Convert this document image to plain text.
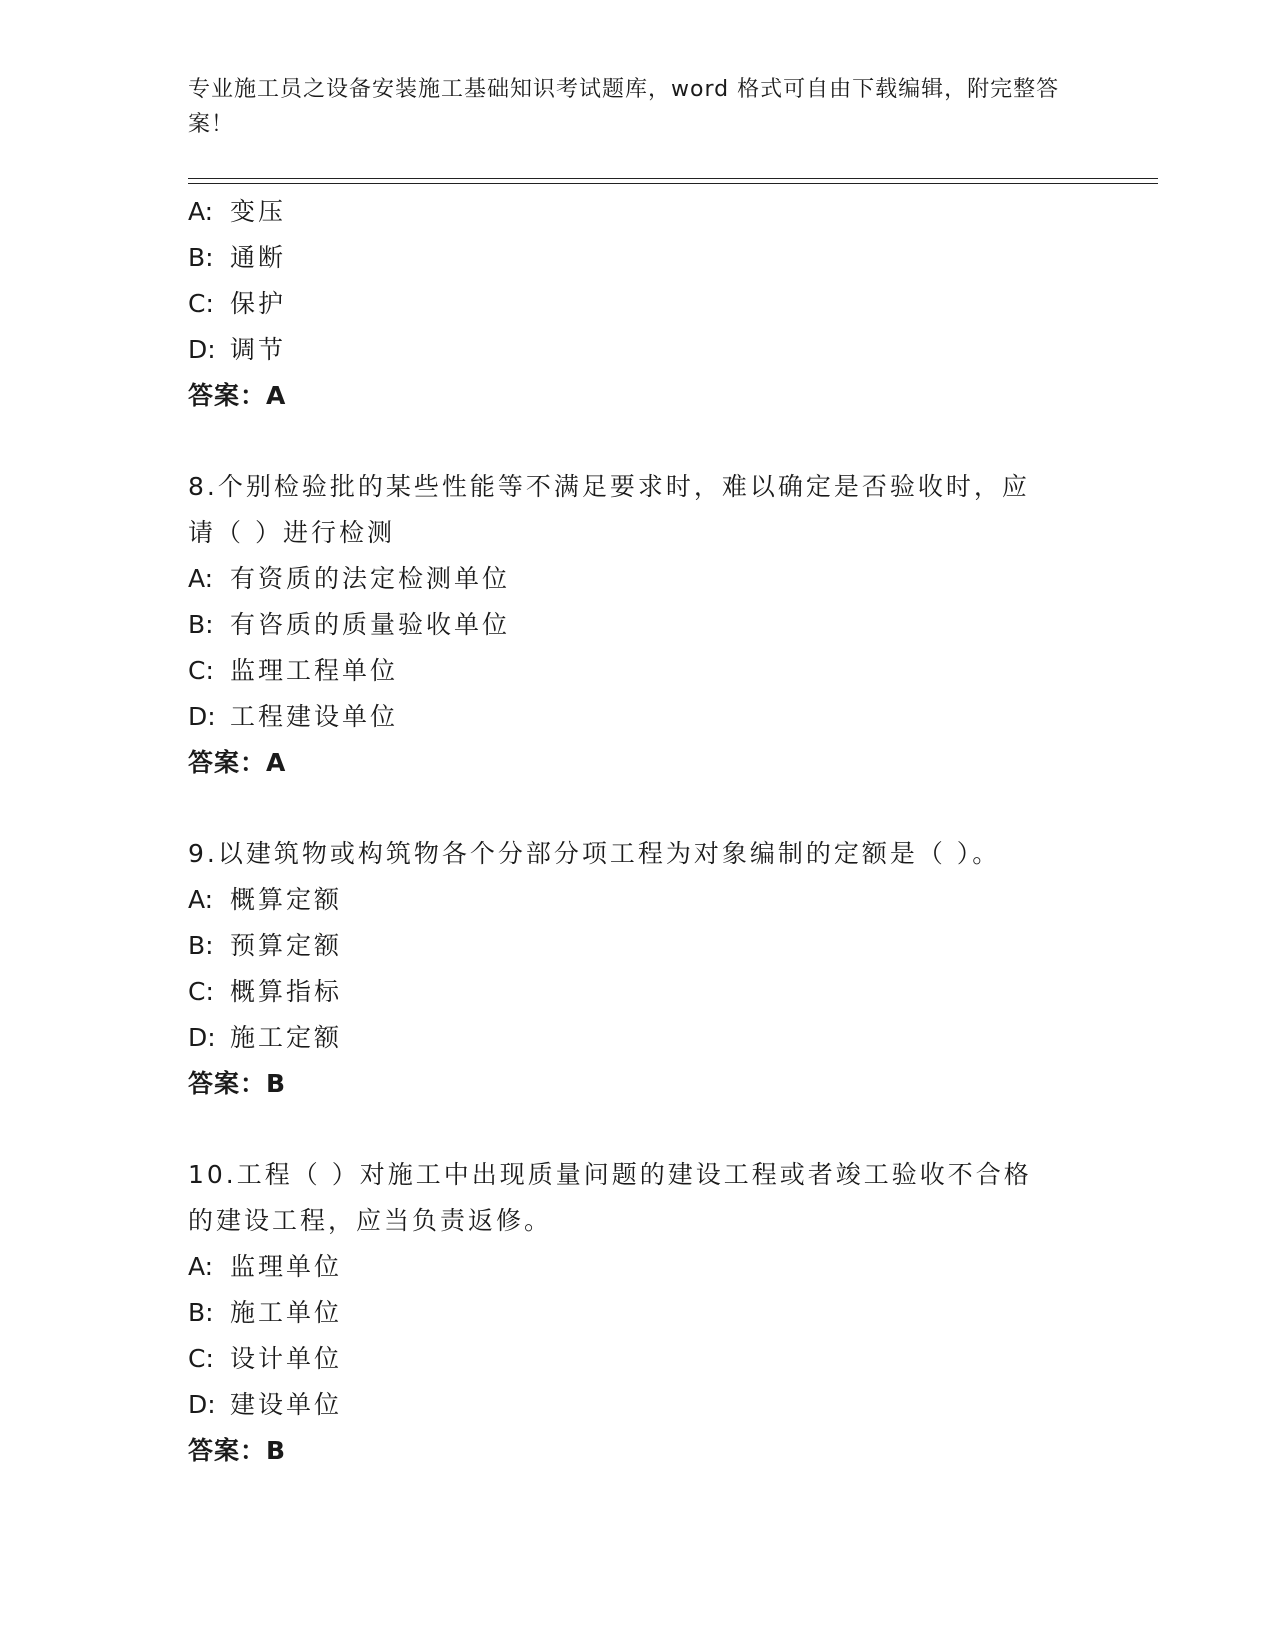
专业施工员之设备安装施工基础知识考试题库，word 格式可自由下载编辑，附完整答案！
A: 变压
B: 通断
C: 保护
D: 调节
答案：A
8.个别检验批的某些性能等不满足要求时，难以确定是否验收时，应
请（ ）进行检测
A: 有资质的法定检测单位
B: 有咨质的质量验收单位
C: 监理工程单位
D: 工程建设单位
答案：A
9.以建筑物或构筑物各个分部分项工程为对象编制的定额是（ ）。
A: 概算定额
B: 预算定额
C: 概算指标
D: 施工定额
答案：B
10.工程（ ）对施工中出现质量问题的建设工程或者竣工验收不合格
的建设工程，应当负责返修。
A: 监理单位
B: 施工单位
C: 设计单位
D: 建设单位
答案：B
